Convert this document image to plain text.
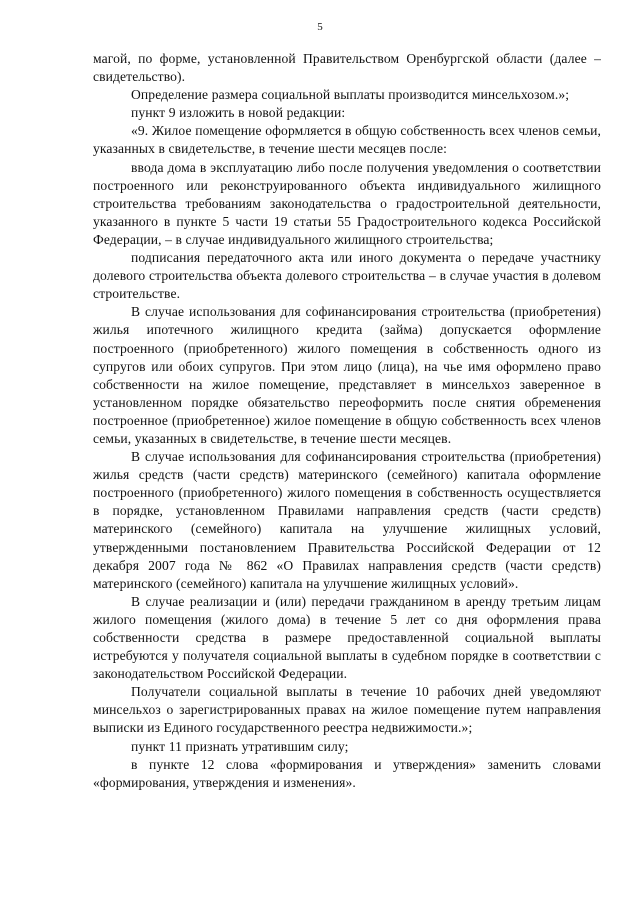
5

магой, по форме, установленной Правительством Оренбургской области (далее – свидетельство).

Определение размера социальной выплаты производится минсельхозом.»;

пункт 9 изложить в новой редакции:

«9. Жилое помещение оформляется в общую собственность всех членов семьи, указанных в свидетельстве, в течение шести месяцев после:

ввода дома в эксплуатацию либо после получения уведомления о соответствии построенного или реконструированного объекта индивидуального жилищного строительства требованиям законодательства о градостроительной деятельности, указанного в пункте 5 части 19 статьи 55 Градостроительного кодекса Российской Федерации, – в случае индивидуального жилищного строительства;

подписания передаточного акта или иного документа о передаче участнику долевого строительства объекта долевого строительства – в случае участия в долевом строительстве.

В случае использования для софинансирования строительства (приобретения) жилья ипотечного жилищного кредита (займа) допускается оформление построенного (приобретенного) жилого помещения в собственность одного из супругов или обоих супругов. При этом лицо (лица), на чье имя оформлено право собственности на жилое помещение, представляет в минсельхоз заверенное в установленном порядке обязательство переоформить после снятия обременения построенное (приобретенное) жилое помещение в общую собственность всех членов семьи, указанных в свидетельстве, в течение шести месяцев.

В случае использования для софинансирования строительства (приобретения) жилья средств (части средств) материнского (семейного) капитала оформление построенного (приобретенного) жилого помещения в собственность осуществляется в порядке, установленном Правилами направления средств (части средств) материнского (семейного) капитала на улучшение жилищных условий, утвержденными постановлением Правительства Российской Федерации от 12 декабря 2007 года № 862 «О Правилах направления средств (части средств) материнского (семейного) капитала на улучшение жилищных условий».

В случае реализации и (или) передачи гражданином в аренду третьим лицам жилого помещения (жилого дома) в течение 5 лет со дня оформления права собственности средства в размере предоставленной социальной выплаты истребуются у получателя социальной выплаты в судебном порядке в соответствии с законодательством Российской Федерации.

Получатели социальной выплаты в течение 10 рабочих дней уведомляют минсельхоз о зарегистрированных правах на жилое помещение путем направления выписки из Единого государственного реестра недвижимости.»;

пункт 11 признать утратившим силу;

в пункте 12 слова «формирования и утверждения» заменить словами «формирования, утверждения и изменения».
